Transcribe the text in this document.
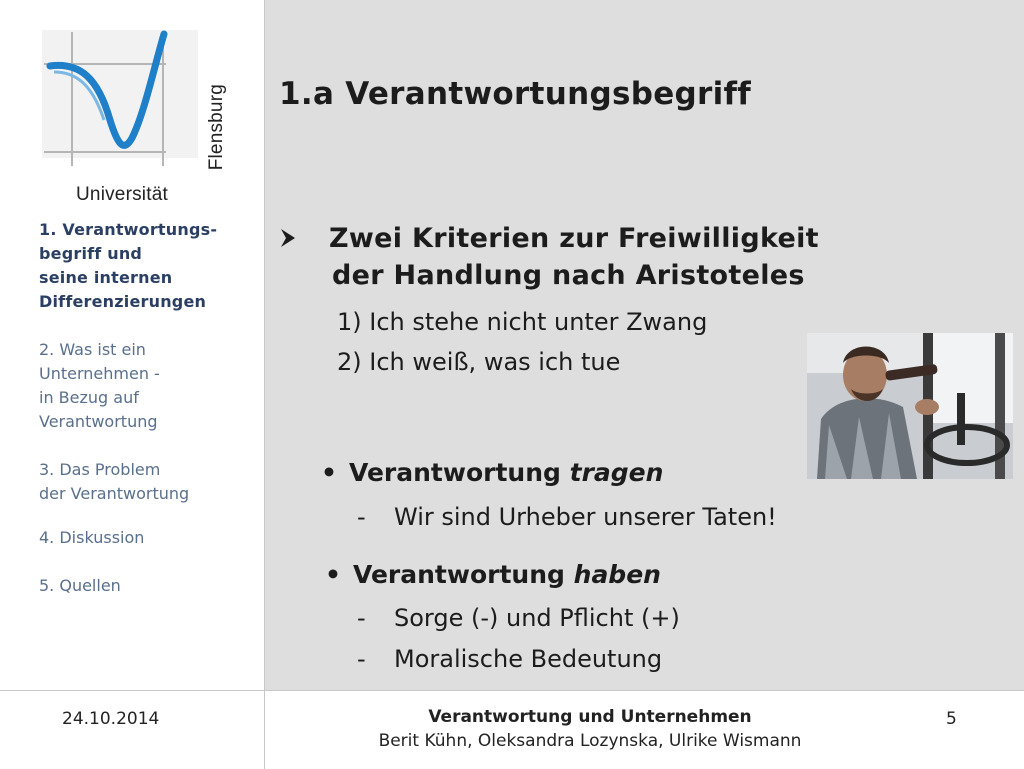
Flensburg
Universität
1. Verantwortungs-
begriff und
seine internen
Differenzierungen
2. Was ist ein
Unternehmen -
in Bezug auf
Verantwortung
3. Das Problem
der Verantwortung
4. Diskussion
5. Quellen
1.a Verantwortungsbegriff
Zwei Kriterien zur Freiwilligkeit
der Handlung nach Aristoteles
1) Ich stehe nicht unter Zwang
2) Ich weiß, was ich tue
• Verantwortung tragen
- Wir sind Urheber unserer Taten!
• Verantwortung haben
- Sorge (-) und Pflicht (+)
- Moralische Bedeutung
24.10.2014	Verantwortung und Unternehmen
Berit Kühn, Oleksandra Lozynska, Ulrike Wismann
5
